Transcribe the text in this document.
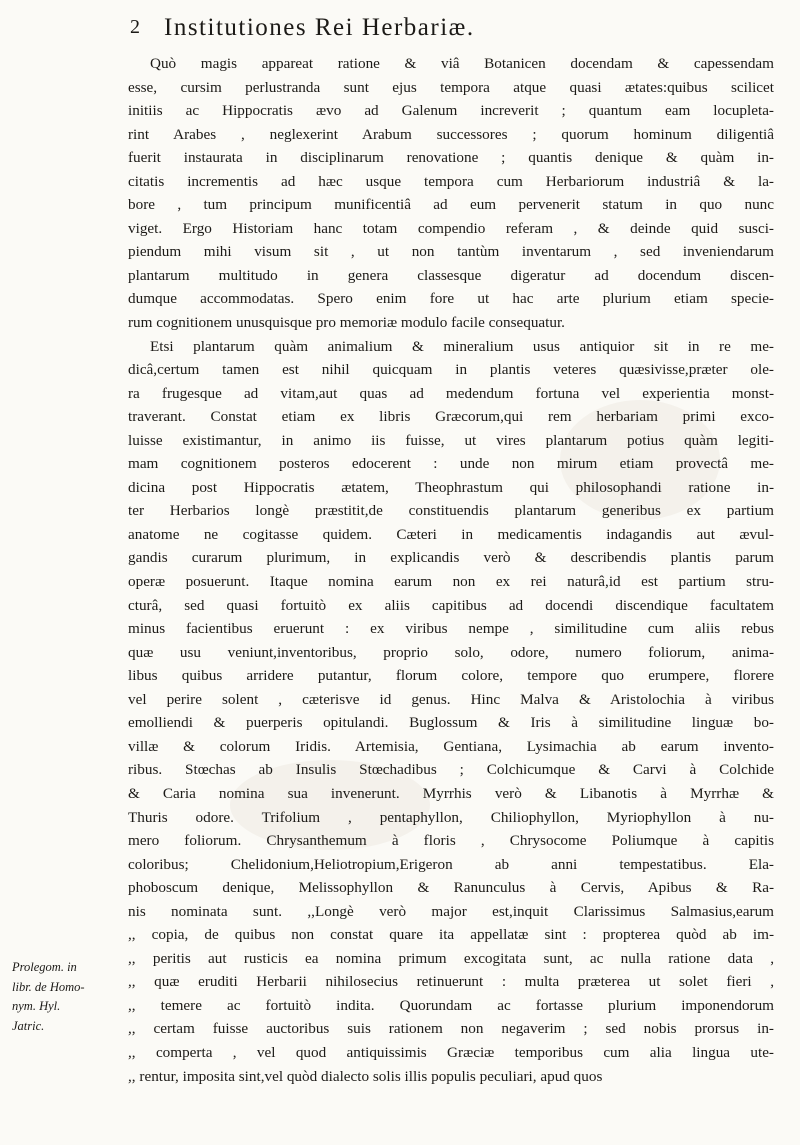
2 Institutiones Rei Herbariæ.
Prolegom. in
libr. de Homo-
nym. Hyl.
Jatric.
Quò magis appareat ratione & viâ Botanicen docendam & capessendam
esse, cursim perlustranda sunt ejus tempora atque quasi ætates:quibus scilicet
initiis ac Hippocratis ævo ad Galenum increverit ; quantum eam locupleta-
rint Arabes , neglexerint Arabum successores ; quorum hominum diligentiâ
fuerit instaurata in disciplinarum renovatione ; quantis denique & quàm in-
citatis incrementis ad hæc usque tempora cum Herbariorum industriâ & la-
bore , tum principum munificentiâ ad eum pervenerit statum in quo nunc
viget. Ergo Historiam hanc totam compendio referam , & deinde quid susci-
piendum mihi visum sit , ut non tantùm inventarum , sed inveniendarum
plantarum multitudo in genera classesque digeratur ad docendum discen-
dumque accommodatas. Spero enim fore ut hac arte plurium etiam specie-
rum cognitionem unusquisque pro memoriæ modulo facile consequatur.
Etsi plantarum quàm animalium & mineralium usus antiquior sit in re me-
dicâ,certum tamen est nihil quicquam in plantis veteres quæsivisse,præter ole-
ra frugesque ad vitam,aut quas ad medendum fortuna vel experientia monst-
traverant. Constat etiam ex libris Græcorum,qui rem herbariam primi exco-
luisse existimantur, in animo iis fuisse, ut vires plantarum potius quàm legiti-
mam cognitionem posteros edocerent : unde non mirum etiam provectâ me-
dicina post Hippocratis ætatem, Theophrastum qui philosophandi ratione in-
ter Herbarios longè præstitit,de constituendis plantarum generibus ex partium
anatome ne cogitasse quidem. Cæteri in medicamentis indagandis aut ævul-
gandis curarum plurimum, in explicandis verò & describendis plantis parum
operæ posuerunt. Itaque nomina earum non ex rei naturâ,id est partium stru-
cturâ, sed quasi fortuitò ex aliis capitibus ad docendi discendique facultatem
minus facientibus eruerunt : ex viribus nempe , similitudine cum aliis rebus
quæ usu veniunt,inventoribus, proprio solo, odore, numero foliorum, anima-
libus quibus arridere putantur, florum colore, tempore quo erumpere, florere
vel perire solent , cæterisve id genus. Hinc Malva & Aristolochia à viribus
emolliendi & puerperis opitulandi. Buglossum & Iris à similitudine linguæ bo-
villæ & colorum Iridis. Artemisia, Gentiana, Lysimachia ab earum invento-
ribus. Stœchas ab Insulis Stœchadibus ; Colchicumque & Carvi à Colchide
& Caria nomina sua invenerunt. Myrrhis verò & Libanotis à Myrrhæ &
Thuris odore. Trifolium , pentaphyllon, Chiliophyllon, Myriophyllon à nu-
mero foliorum. Chrysanthemum à floris , Chrysocome Poliumque à capitis
coloribus; Chelidonium,Heliotropium,Erigeron ab anni tempestatibus. Ela-
phoboscum denique, Melissophyllon & Ranunculus à Cervis, Apibus & Ra-
nis nominata sunt. ,,Longè verò major est,inquit Clarissimus Salmasius,earum
,, copia, de quibus non constat quare ita appellatæ sint : propterea quòd ab im-
,, peritis aut rusticis ea nomina primum excogitata sunt, ac nulla ratione data ,
,, quæ eruditi Herbarii nihilosecius retinuerunt : multa præterea ut solet fieri ,
,, temere ac fortuitò indita. Quorundam ac fortasse plurium imponendorum
,, certam fuisse auctoribus suis rationem non negaverim ; sed nobis prorsus in-
,, comperta , vel quod antiquissimis Græciæ temporibus cum alia lingua ute-
,, rentur, imposita sint,vel quòd dialecto solis illis populis peculiari, apud quos
